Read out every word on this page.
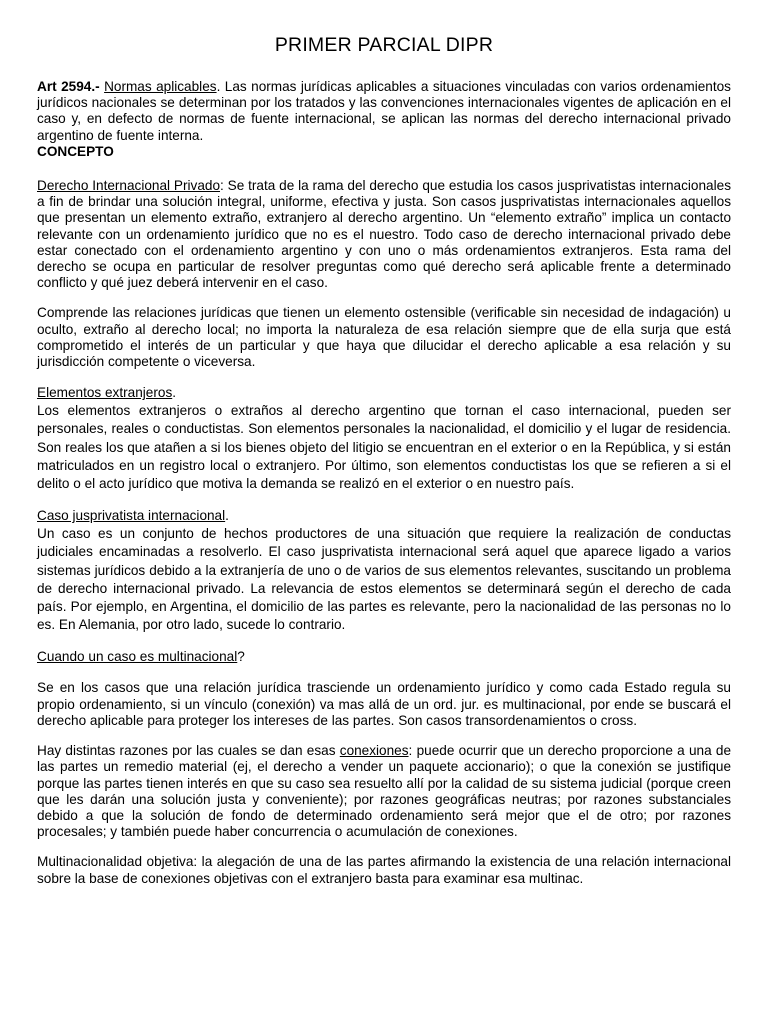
PRIMER PARCIAL DIPR

Art 2594.- Normas aplicables. Las normas jurídicas aplicables a situaciones vinculadas con varios ordenamientos jurídicos nacionales se determinan por los tratados y las convenciones internacionales vigentes de aplicación en el caso y, en defecto de normas de fuente internacional, se aplican las normas del derecho internacional privado argentino de fuente interna.

CONCEPTO

Derecho Internacional Privado: Se trata de la rama del derecho que estudia los casos jusprivatistas internacionales a fin de brindar una solución integral, uniforme, efectiva y justa. Son casos jusprivatistas internacionales aquellos que presentan un elemento extraño, extranjero al derecho argentino. Un “elemento extraño” implica un contacto relevante con un ordenamiento jurídico que no es el nuestro. Todo caso de derecho internacional privado debe estar conectado con el ordenamiento argentino y con uno o más ordenamientos extranjeros. Esta rama del derecho se ocupa en particular de resolver preguntas como qué derecho será aplicable frente a determinado conflicto y qué juez deberá intervenir en el caso.

Comprende las relaciones jurídicas que tienen un elemento ostensible (verificable sin necesidad de indagación) u oculto, extraño al derecho local; no importa la naturaleza de esa relación siempre que de ella surja que está comprometido el interés de un particular y que haya que dilucidar el derecho aplicable a esa relación y su jurisdicción competente o viceversa.

Elementos extranjeros.

Los elementos extranjeros o extraños al derecho argentino que tornan el caso internacional, pueden ser personales, reales o conductistas. Son elementos personales la nacionalidad, el domicilio y el lugar de residencia. Son reales los que atañen a si los bienes objeto del litigio se encuentran en el exterior o en la República, y si están matriculados en un registro local o extranjero. Por último, son elementos conductistas los que se refieren a si el delito o el acto jurídico que motiva la demanda se realizó en el exterior o en nuestro país.

Caso jusprivatista internacional.

Un caso es un conjunto de hechos productores de una situación que requiere la realización de conductas judiciales encaminadas a resolverlo. El caso jusprivatista internacional será aquel que aparece ligado a varios sistemas jurídicos debido a la extranjería de uno o de varios de sus elementos relevantes, suscitando un problema de derecho internacional privado. La relevancia de estos elementos se determinará según el derecho de cada país. Por ejemplo, en Argentina, el domicilio de las partes es relevante, pero la nacionalidad de las personas no lo es. En Alemania, por otro lado, sucede lo contrario.

Cuando un caso es multinacional?

Se en los casos que una relación jurídica trasciende un ordenamiento jurídico y como cada Estado regula su propio ordenamiento, si un vínculo (conexión) va mas allá de un ord. jur. es multinacional, por ende se buscará el derecho aplicable para proteger los intereses de las partes. Son casos transordenamientos o cross.

Hay distintas razones por las cuales se dan esas conexiones: puede ocurrir que un derecho proporcione a una de las partes un remedio material (ej, el derecho a vender un paquete accionario); o que la conexión se justifique porque las partes tienen interés en que su caso sea resuelto allí por la calidad de su sistema judicial (porque creen que les darán una solución justa y conveniente); por razones geográficas neutras; por razones substanciales debido a que la solución de fondo de determinado ordenamiento será mejor que el de otro; por razones procesales; y también puede haber concurrencia o acumulación de conexiones.

Multinacionalidad objetiva: la alegación de una de las partes afirmando la existencia de una relación internacional sobre la base de conexiones objetivas con el extranjero basta para examinar esa multinac.
